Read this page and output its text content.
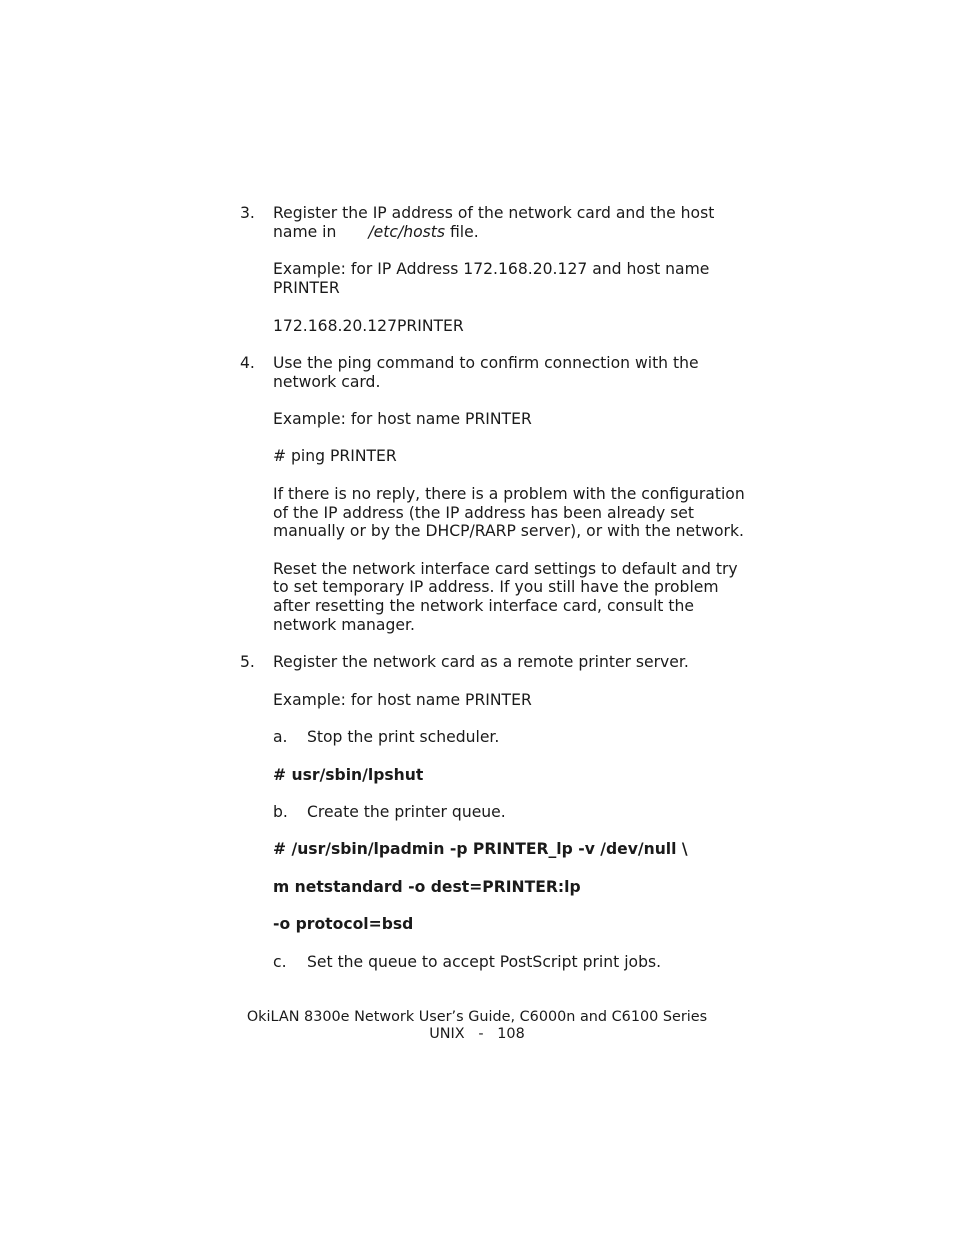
3. Register the IP address of the network card and the host
name in /etc/hosts file.
Example: for IP Address 172.168.20.127 and host name
PRINTER
172.168.20.127PRINTER
4. Use the ping command to confirm connection with the
network card.
Example: for host name PRINTER
# ping PRINTER
If there is no reply, there is a problem with the configuration
of the IP address (the IP address has been already set
manually or by the DHCP/RARP server), or with the network.
Reset the network interface card settings to default and try
to set temporary IP address. If you still have the problem
after resetting the network interface card, consult the
network manager.
5. Register the network card as a remote printer server.
Example: for host name PRINTER
a. Stop the print scheduler.
# usr/sbin/lpshut
b. Create the printer queue.
# /usr/sbin/lpadmin -p PRINTER_lp -v /dev/null \
m netstandard -o dest=PRINTER:lp
-o protocol=bsd
c. Set the queue to accept PostScript print jobs.
OkiLAN 8300e Network User’s Guide, C6000n and C6100 Series
UNIX   -   108
